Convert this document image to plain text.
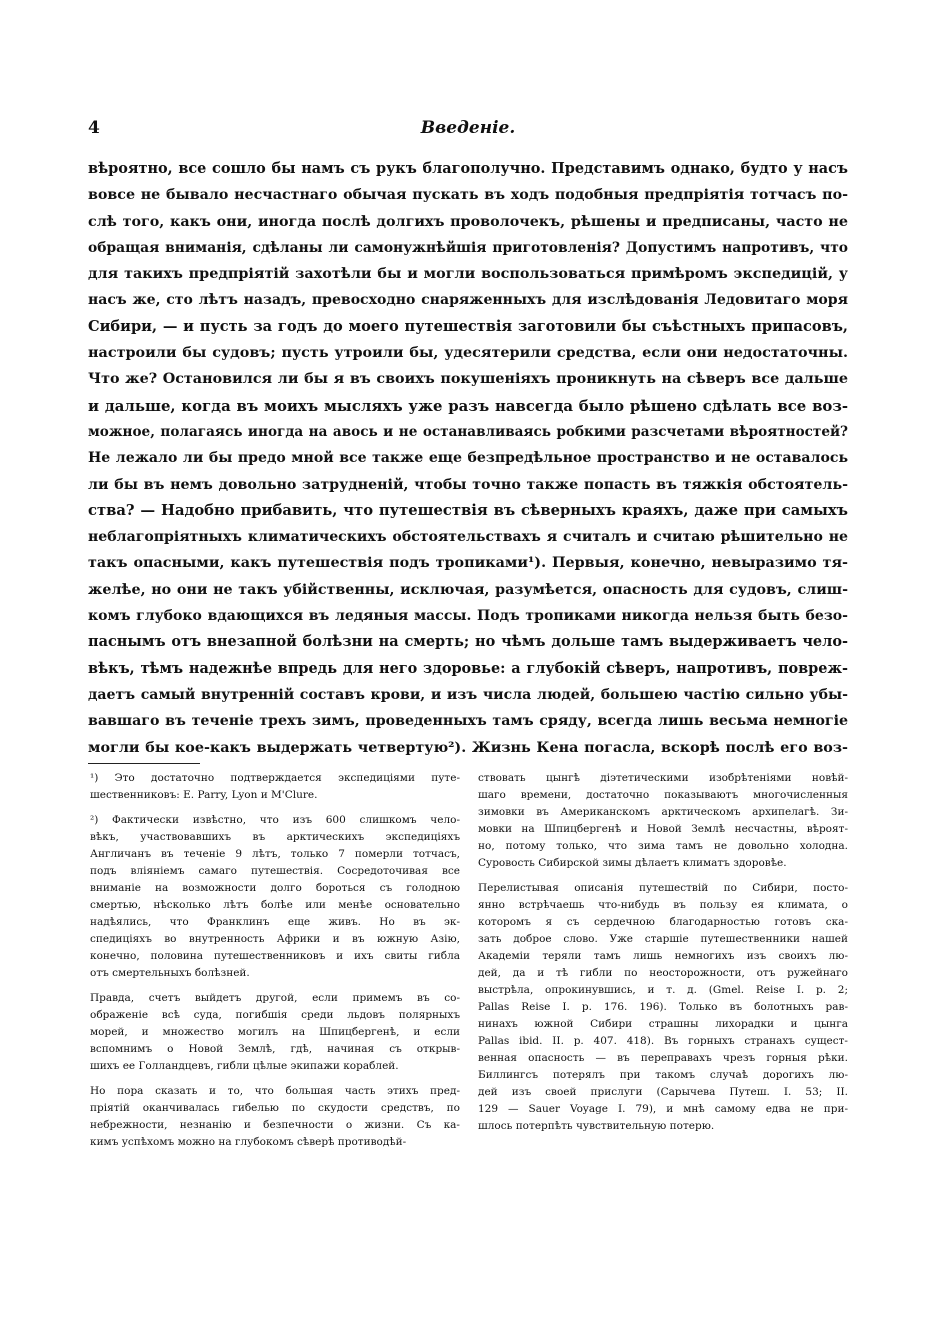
4	Введенiе.
вѣроятно, все сошло бы намъ съ рукъ благополучно. Представимъ однако, будто у насъ
вовсе не бывало несчастнаго обычая пускать въ ходъ подобныя предпрiятiя тотчасъ по-
слѣ того, какъ они, иногда послѣ долгихъ проволочекъ, рѣшены и предписаны, часто не
обращая вниманiя, сдѣланы ли самонужнѣйшiя приготовленiя? Допустимъ напротивъ, что
для такихъ предпрiятiй захотѣли бы и могли воспользоваться примѣромъ экспедицiй, у
насъ же, сто лѣтъ назадъ, превосходно снаряженныхъ для изслѣдованiя Ледовитаго моря
Сибири, — и пусть за годъ до моего путешествiя заготовили бы съѣстныхъ припасовъ,
настроили бы судовъ; пусть утроили бы, удесятерили средства, если они недостаточны.
Что же? Остановился ли бы я въ своихъ покушенiяхъ проникнуть на сѣверъ все дальше
и дальше, когда въ моихъ мысляхъ уже разъ навсегда было рѣшено сдѣлать все воз-
можное, полагаясь иногда на авось и не останавливаясь робкими разсчетами вѣроятностей?
Не лежало ли бы предо мной все также еще безпредѣльное пространство и не оставалось
ли бы въ немъ довольно затрудненiй, чтобы точно также попасть въ тяжкiя обстоятель-
ства? — Надобно прибавить, что путешествiя въ сѣверныхъ краяхъ, даже при самыхъ
неблагопрiятныхъ климатическихъ обстоятельствахъ я считалъ и считаю рѣшительно не
такъ опасными, какъ путешествiя подъ тропиками¹). Первыя, конечно, невыразимо тя-
желѣе, но они не такъ убiйственны, исключая, разумѣется, опасность для судовъ, слиш-
комъ глубоко вдающихся въ ледяныя массы. Подъ тропиками никогда нельзя быть безо-
паснымъ отъ внезапной болѣзни на смерть; но чѣмъ дольше тамъ выдерживаетъ чело-
вѣкъ, тѣмъ надежнѣе впредь для него здоровье: а глубокiй сѣверъ, напротивъ, повреж-
даетъ самый внутреннiй составъ крови, и изъ числа людей, большею частiю сильно убы-
вавшаго въ теченiе трехъ зимъ, проведенныхъ тамъ сряду, всегда лишь весьма немногiе
могли бы кое-какъ выдержать четвертую²). Жизнь Кена погасла, вскорѣ послѣ его воз-
¹) Это достаточно подтверждается экспедицiями путе-
шественниковъ: E. Parry, Lyon и M'Clure.
²) Фактически извѣстно, что изъ 600 слишкомъ чело-
вѣкъ, участвовавшихъ въ арктическихъ экспедицiяхъ
Англичанъ въ теченiе 9 лѣтъ, только 7 померли тотчасъ,
подъ влiянiемъ самаго путешествiя. Сосредоточивая все
вниманiе на возможности долго бороться съ голодною
смертью, нѣсколько лѣтъ болѣе или менѣе основательно
надѣялись, что Франклинъ еще живъ. Но въ эк-
спедицiяхъ во внутренность Африки и въ южную Азiю,
конечно, половина путешественниковъ и ихъ свиты гибла
отъ смертельныхъ болѣзней.
Правда, счетъ выйдетъ другой, если примемъ въ со-
ображенiе всѣ суда, погибшiя среди льдовъ полярныхъ
морей, и множество могилъ на Шпицбергенѣ, и если
вспомнимъ о Новой Землѣ, гдѣ, начиная съ открыв-
шихъ ее Голландцевъ, гибли цѣлые экипажи кораблей.
Но пора сказать и то, что большая часть этихъ пред-
прiятiй оканчивалась гибелью по скудости средствъ, по
небрежности, незнанiю и безпечности о жизни. Съ ка-
кимъ успѣхомъ можно на глубокомъ сѣверѣ противодѣй-
ствовать цынгѣ дiэтетическими изобрѣтенiями новѣй-
шаго времени, достаточно показываютъ многочисленныя
зимовки въ Американскомъ арктическомъ архипелагѣ. Зи-
мовки на Шпицбергенѣ и Новой Землѣ несчастны, вѣроят-
но, потому только, что зима тамъ не довольно холодна.
Суровость Сибирской зимы дѣлаетъ климатъ здоровѣе.
Перелистывая описанiя путешествiй по Сибири, посто-
янно встрѣчаешь что-нибудь въ пользу ея климата, о
которомъ я съ сердечною благодарностью готовъ ска-
зать доброе слово. Уже старшiе путешественники нашей
Академiи теряли тамъ лишь немногихъ изъ своихъ лю-
дей, да и тѣ гибли по неосторожности, отъ ружейнаго
выстрѣла, опрокинувшись, и т. д. (Gmel. Reise I. p. 2;
Pallas Reise I. p. 176. 196). Только въ болотныхъ рав-
нинахъ южной Сибири страшны лихорадки и цынга
Pallas ibid. II. p. 407. 418). Въ горныхъ странахъ сущест-
венная опасность — въ переправахъ чрезъ горныя рѣки.
Биллингсъ потерялъ при такомъ случаѣ дорогихъ лю-
дей изъ своей прислуги (Сарычева Путеш. I. 53; II.
129 — Sauer Voyage I. 79), и мнѣ самому едва не при-
шлось потерпѣть чувствительную потерю.
